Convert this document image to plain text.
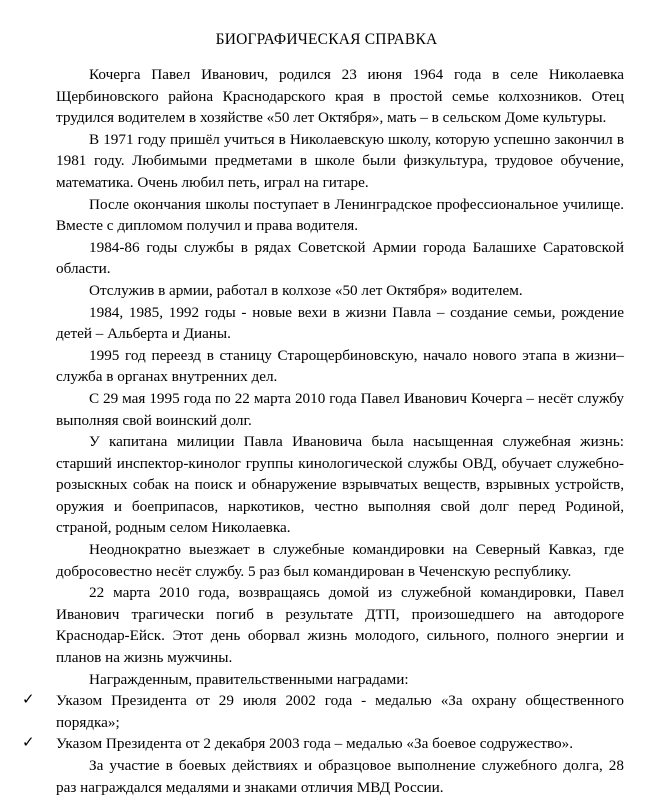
БИОГРАФИЧЕСКАЯ СПРАВКА

Кочерга Павел Иванович, родился 23 июня 1964 года в селе Николаевка Щербиновского района Краснодарского края в простой семье колхозников. Отец трудился водителем в хозяйстве «50 лет Октября», мать – в сельском Доме культуры.

В 1971 году пришёл учиться в Николаевскую школу, которую успешно закончил в 1981 году. Любимыми предметами в школе были физкультура, трудовое обучение, математика. Очень любил петь, играл на гитаре.

После окончания школы поступает в Ленинградское профессиональное училище. Вместе с дипломом получил и права водителя.

1984-86 годы службы в рядах Советской Армии города Балашихе Саратовской области.

Отслужив в армии, работал в колхозе «50 лет Октября» водителем.

1984, 1985, 1992 годы - новые вехи в жизни Павла – создание семьи, рождение детей – Альберта и Дианы.

1995 год переезд в станицу Старощербиновскую, начало нового этапа в жизни– служба в органах внутренних дел.

С 29 мая 1995 года по 22 марта 2010 года Павел Иванович Кочерга – несёт службу выполняя свой воинский долг.

У капитана милиции Павла Ивановича была насыщенная служебная жизнь: старший инспектор-кинолог группы кинологической службы ОВД, обучает служебно-розыскных собак на поиск и обнаружение взрывчатых веществ, взрывных устройств, оружия и боеприпасов, наркотиков, честно выполняя свой долг перед Родиной, страной, родным селом Николаевка.

Неоднократно выезжает в служебные командировки на Северный Кавказ, где добросовестно несёт службу. 5 раз был командирован в Чеченскую республику.

22 марта 2010 года, возвращаясь домой из служебной командировки, Павел Иванович трагически погиб в результате ДТП, произошедшего на автодороге Краснодар-Ейск. Этот день оборвал жизнь молодого, сильного, полного энергии и планов на жизнь мужчины.

Награжденным, правительственными наградами:

✓ Указом Президента от 29 июля 2002 года - медалью «За охрану общественного порядка»;
✓ Указом Президента от 2 декабря 2003 года – медалью «За боевое содружество».

За участие в боевых действиях и образцовое выполнение служебного долга, 28 раз награждался медалями и знаками отличия МВД России.
